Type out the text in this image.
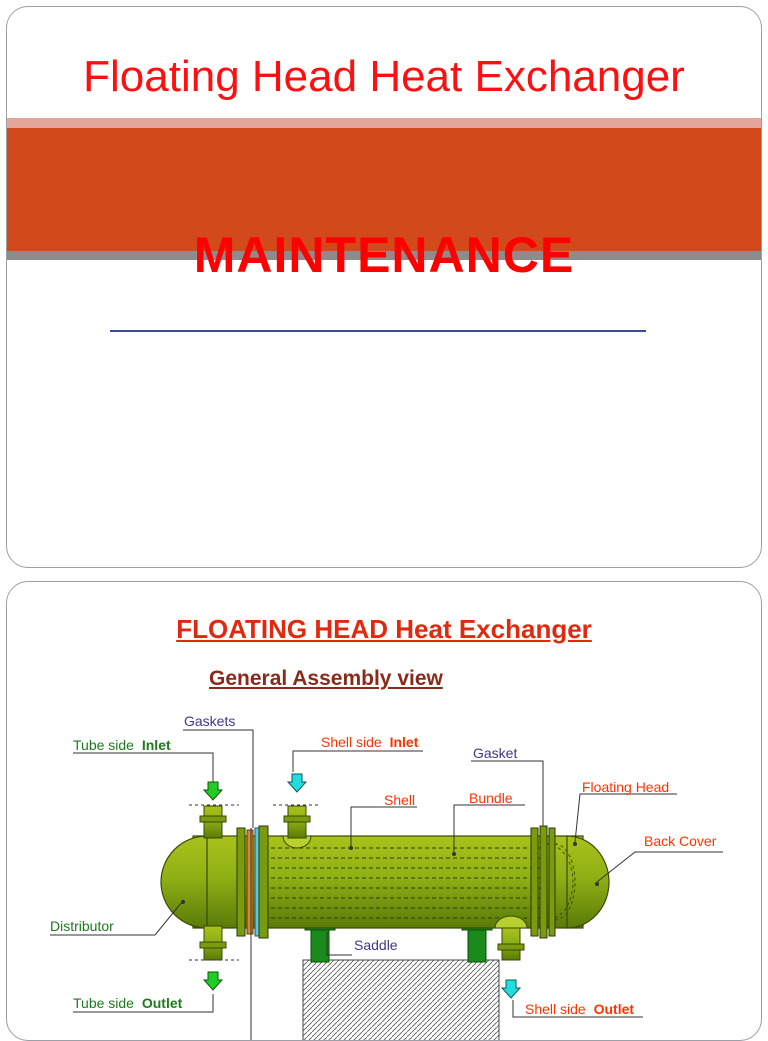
Floating Head Heat Exchanger
MAINTENANCE
FLOATING HEAD Heat Exchanger
General Assembly view
Gaskets
Tube side Inlet	Shell side Inlet
Gasket
Floating Head
Shell	Bundle
Back Cover
Distributor
Saddle
Tube side Outlet	Shell side Outlet
